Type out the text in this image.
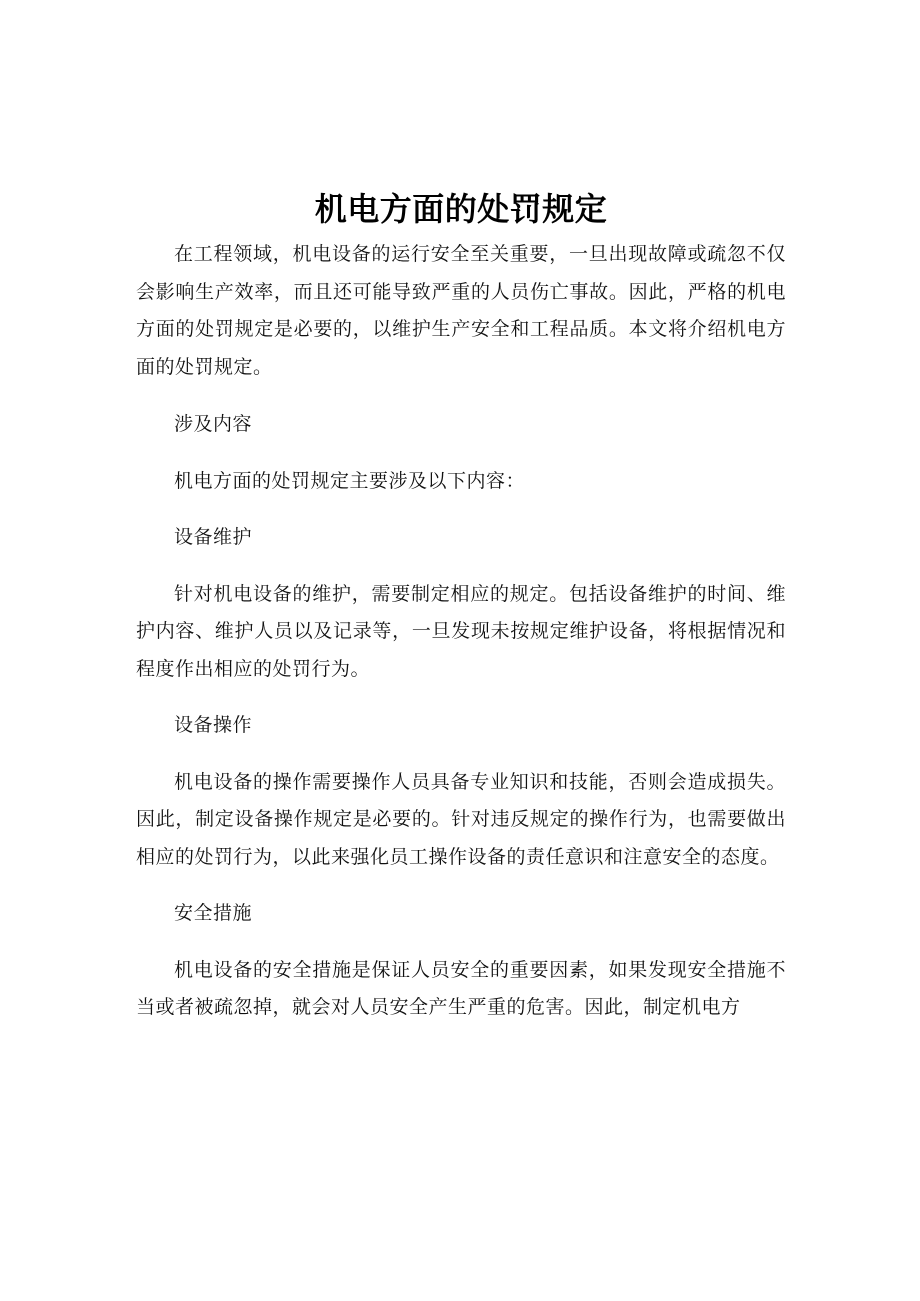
机电方面的处罚规定

在工程领域，机电设备的运行安全至关重要，一旦出现故障或疏忽不仅会影响生产效率，而且还可能导致严重的人员伤亡事故。因此，严格的机电方面的处罚规定是必要的，以维护生产安全和工程品质。本文将介绍机电方面的处罚规定。

涉及内容

机电方面的处罚规定主要涉及以下内容：

设备维护

针对机电设备的维护，需要制定相应的规定。包括设备维护的时间、维护内容、维护人员以及记录等，一旦发现未按规定维护设备，将根据情况和程度作出相应的处罚行为。

设备操作

机电设备的操作需要操作人员具备专业知识和技能，否则会造成损失。因此，制定设备操作规定是必要的。针对违反规定的操作行为，也需要做出相应的处罚行为，以此来强化员工操作设备的责任意识和注意安全的态度。

安全措施

机电设备的安全措施是保证人员安全的重要因素，如果发现安全措施不当或者被疏忽掉，就会对人员安全产生严重的危害。因此，制定机电方
